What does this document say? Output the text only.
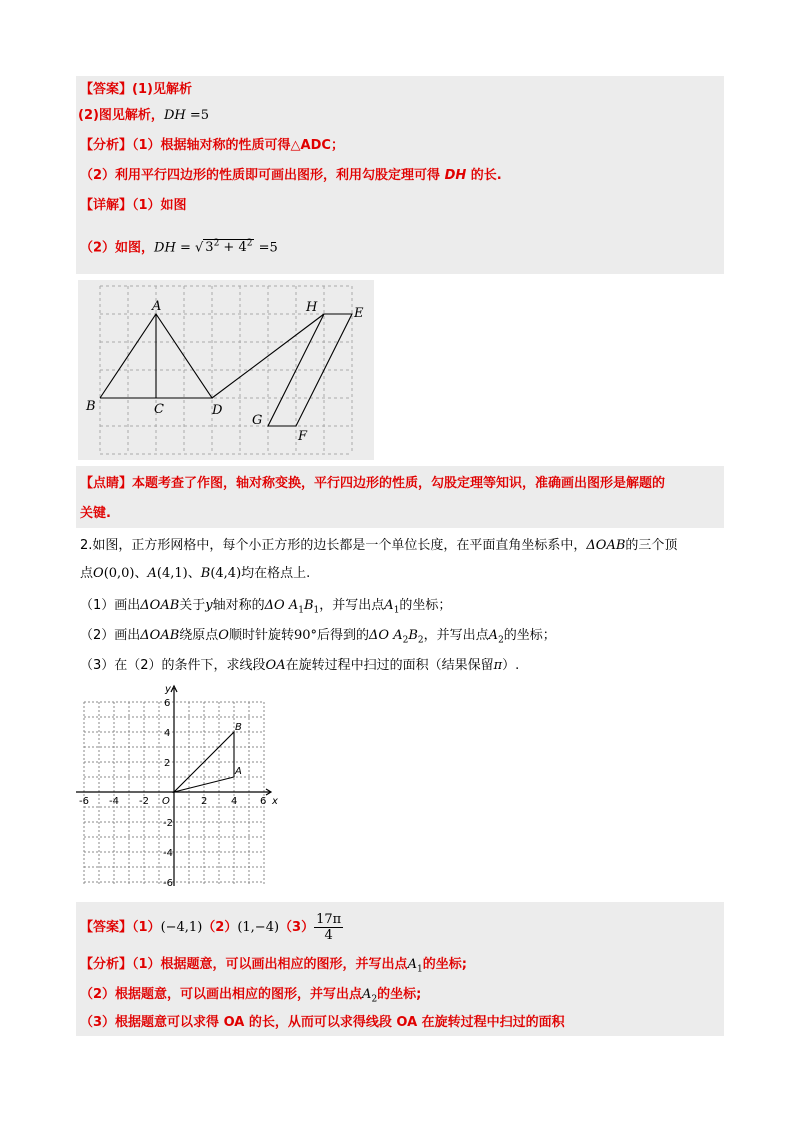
【答案】(1)见解析
(2)图见解析，DH =5
【分析】（1）根据轴对称的性质可得△ADC；
（2）利用平行四边形的性质即可画出图形，利用勾股定理可得 DH 的长.
【详解】（1）如图
（2）如图，DH = √ $3^2 + 4^2 =5$
A
B	C	D
E
F
G
H
【点睛】本题考查了作图，轴对称变换，平行四边形的性质，勾股定理等知识，准确画出图形是解题的
关键.
2.如图，正方形网格中，每个小正方形的边长都是一个单位长度，在平面直角坐标系中，ΔOAB的三个顶
点O(0,0)、A(4,1)、B(4,4)均在格点上.
（1）画出ΔOAB关于y轴对称的ΔO $A_1B_1$，并写出点$A_1$的坐标；
（2）画出ΔOAB绕原点O顺时针旋转90°后得到的ΔO $A_2B_2$，并写出点$A_2$的坐标；
（3）在（2）的条件下，求线段OA在旋转过程中扫过的面积（结果保留π）.
x
y
O
-6 -4 -2	2 4 6
6
4
2
-2
-4
-6
A
B
【答案】$(1)(-4,1)(2)(1,-4)(3) \frac{17\pi}{4}$
【分析】（1）根据题意，可以画出相应的图形，并写出点$A_1$的坐标;
（2）根据题意，可以画出相应的图形，并写出点$A_2$的坐标;
（3）根据题意可以求得 OA 的长，从而可以求得线段 OA 在旋转过程中扫过的面积
